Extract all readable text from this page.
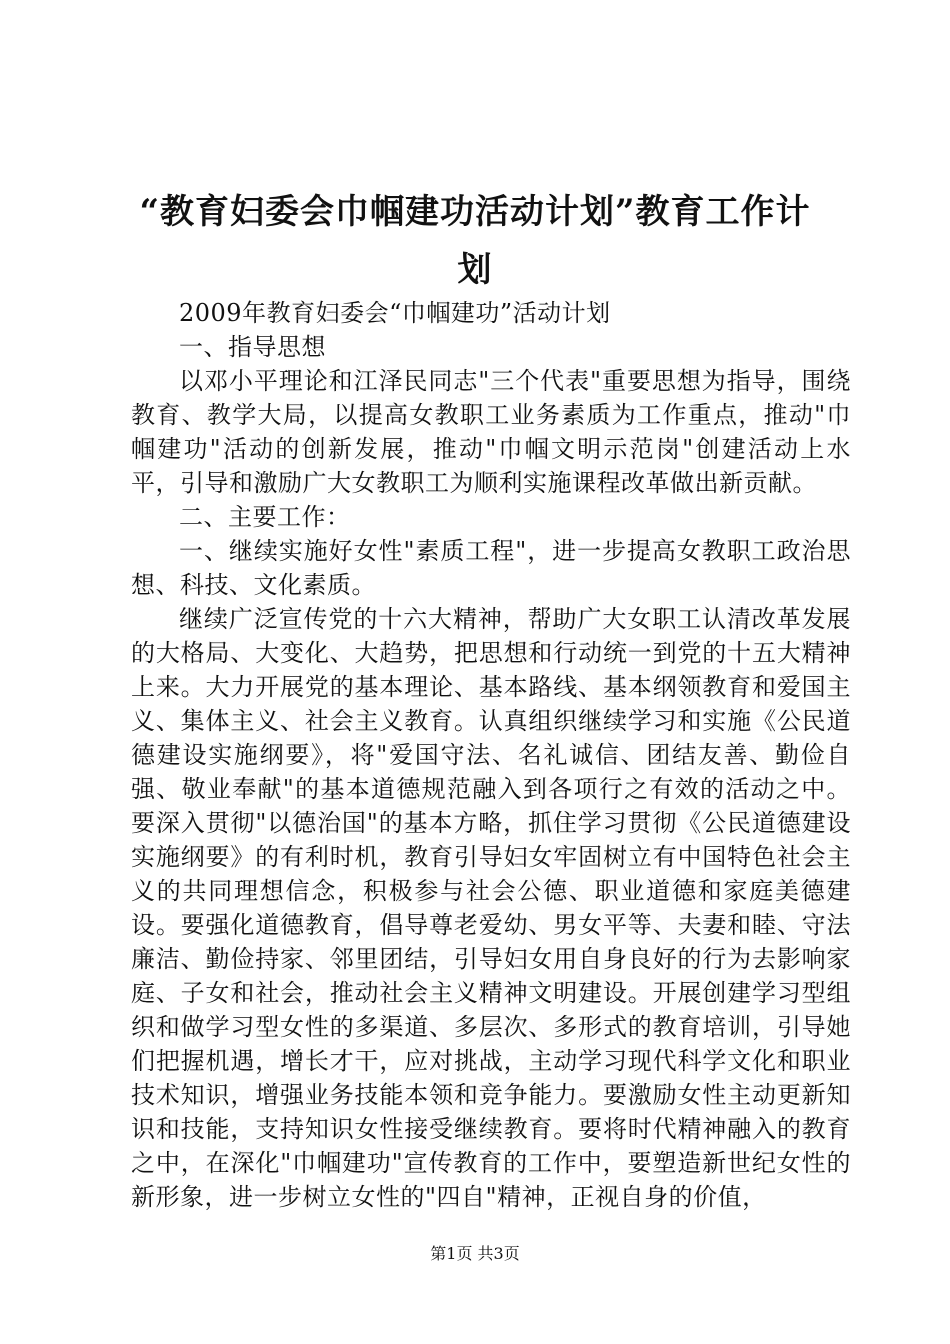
“教育妇委会巾帼建功活动计划”教育工作计划

2009年教育妇委会“巾帼建功”活动计划

一、指导思想

以邓小平理论和江泽民同志"三个代表"重要思想为指导，围绕教育、教学大局，以提高女教职工业务素质为工作重点，推动"巾帼建功"活动的创新发展，推动"巾帼文明示范岗"创建活动上水平，引导和激励广大女教职工为顺利实施课程改革做出新贡献。

二、主要工作：

一、继续实施好女性"素质工程"，进一步提高女教职工政治思想、科技、文化素质。

继续广泛宣传党的十六大精神，帮助广大女职工认清改革发展的大格局、大变化、大趋势，把思想和行动统一到党的十五大精神上来。大力开展党的基本理论、基本路线、基本纲领教育和爱国主义、集体主义、社会主义教育。认真组织继续学习和实施《公民道德建设实施纲要》，将"爱国守法、名礼诚信、团结友善、勤俭自强、敬业奉献"的基本道德规范融入到各项行之有效的活动之中。要深入贯彻"以德治国"的基本方略，抓住学习贯彻《公民道德建设实施纲要》的有利时机，教育引导妇女牢固树立有中国特色社会主义的共同理想信念，积极参与社会公德、职业道德和家庭美德建设。要强化道德教育，倡导尊老爱幼、男女平等、夫妻和睦、守法廉洁、勤俭持家、邻里团结，引导妇女用自身良好的行为去影响家庭、子女和社会，推动社会主义精神文明建设。开展创建学习型组织和做学习型女性的多渠道、多层次、多形式的教育培训，引导她们把握机遇，增长才干，应对挑战，主动学习现代科学文化和职业技术知识，增强业务技能本领和竞争能力。要激励女性主动更新知识和技能，支持知识女性接受继续教育。要将时代精神融入的教育之中，在深化"巾帼建功"宣传教育的工作中，要塑造新世纪女性的新形象，进一步树立女性的"四自"精神，正视自身的价值，

第1页 共3页
